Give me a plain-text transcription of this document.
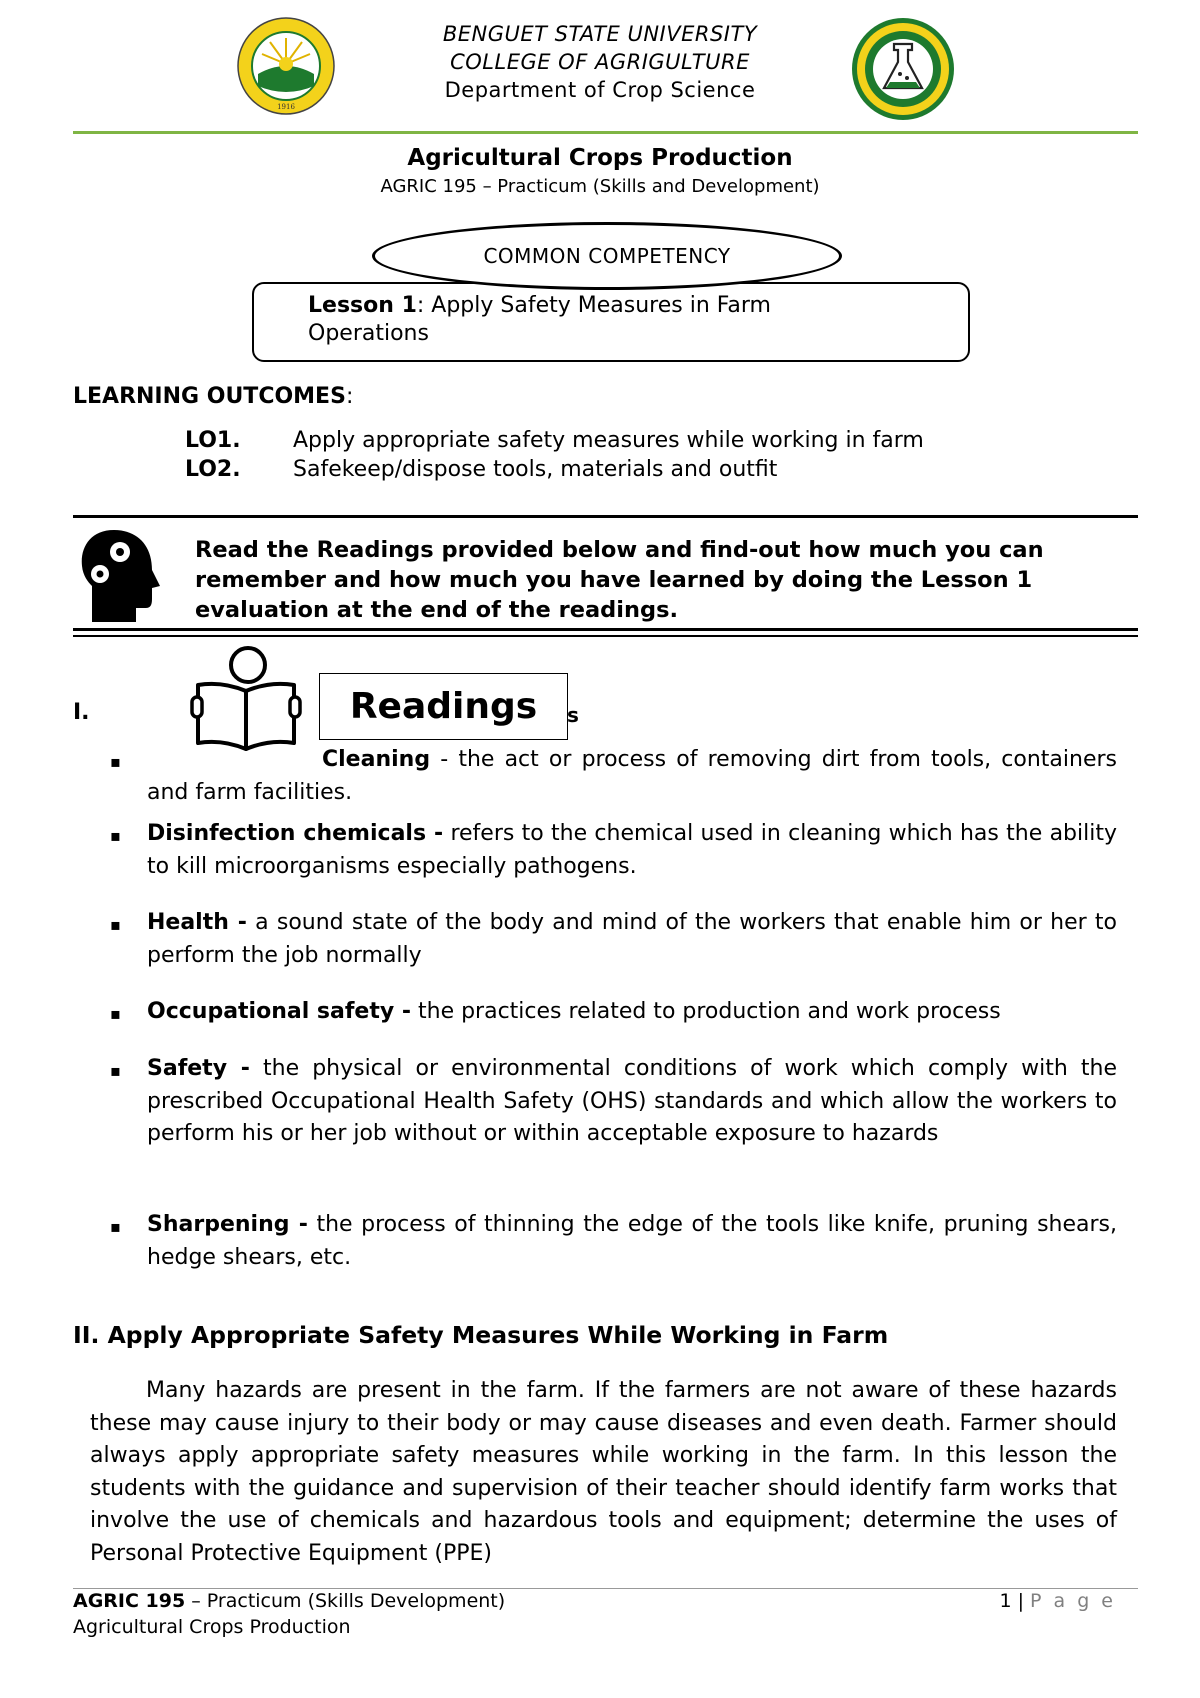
1916
BENGUET STATE UNIVERSITY
COLLEGE OF AGRIGULTURE
Department of Crop Science
Agricultural Crops Production
AGRIC 195 – Practicum (Skills and Development)
COMMON COMPETENCY
Lesson 1: Apply Safety Measures in Farm Operations
LEARNING OUTCOMES:
LO1. Apply appropriate safety measures while working in farm
LO2. Safekeep/dispose tools, materials and outfit
Read the Readings provided below and find-out how much you can remember and how much you have learned by doing the Lesson 1 evaluation at the end of the readings.
I.	Readings s
▪	Cleaning - the act or process of removing dirt from tools, containers and farm facilities.
▪ Disinfection chemicals - refers to the chemical used in cleaning which has the ability to kill microorganisms especially pathogens.
▪ Health - a sound state of the body and mind of the workers that enable him or her to perform the job normally
▪ Occupational safety - the practices related to production and work process
▪ Safety - the physical or environmental conditions of work which comply with the prescribed Occupational Health Safety (OHS) standards and which allow the workers to perform his or her job without or within acceptable exposure to hazards
▪ Sharpening - the process of thinning the edge of the tools like knife, pruning shears, hedge shears, etc.
II. Apply Appropriate Safety Measures While Working in Farm
Many hazards are present in the farm. If the farmers are not aware of these hazards these may cause injury to their body or may cause diseases and even death. Farmer should always apply appropriate safety measures while working in the farm. In this lesson the students with the guidance and supervision of their teacher should identify farm works that involve the use of chemicals and hazardous tools and equipment; determine the uses of Personal Protective Equipment (PPE)
AGRIC 195 – Practicum (Skills Development)
Agricultural Crops Production
1 | P a g e
